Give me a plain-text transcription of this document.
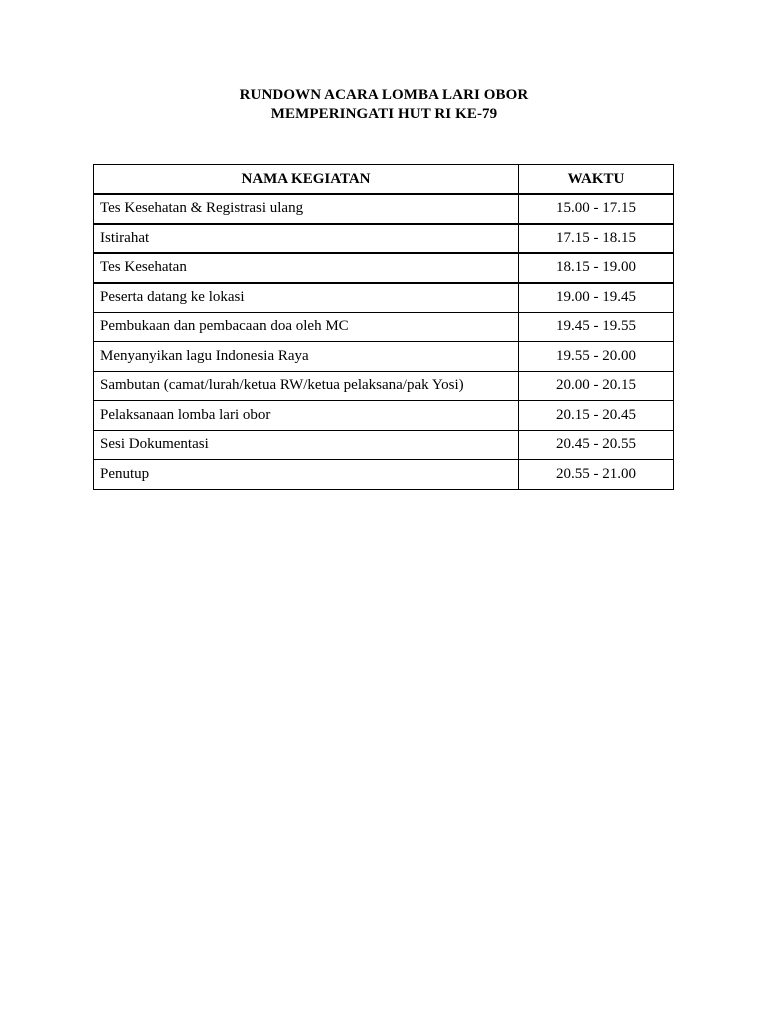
RUNDOWN ACARA LOMBA LARI OBOR
MEMPERINGATI HUT RI KE-79
NAMA KEGIATAN	WAKTU
Tes Kesehatan & Registrasi ulang	15.00 - 17.15
Istirahat	17.15 - 18.15
Tes Kesehatan	18.15 - 19.00
Peserta datang ke lokasi	19.00 - 19.45
Pembukaan dan pembacaan doa oleh MC	19.45 - 19.55
Menyanyikan lagu Indonesia Raya	19.55 - 20.00
Sambutan (camat/lurah/ketua RW/ketua pelaksana/pak Yosi)	20.00 - 20.15
Pelaksanaan lomba lari obor	20.15 - 20.45
Sesi Dokumentasi	20.45 - 20.55
Penutup	20.55 - 21.00
